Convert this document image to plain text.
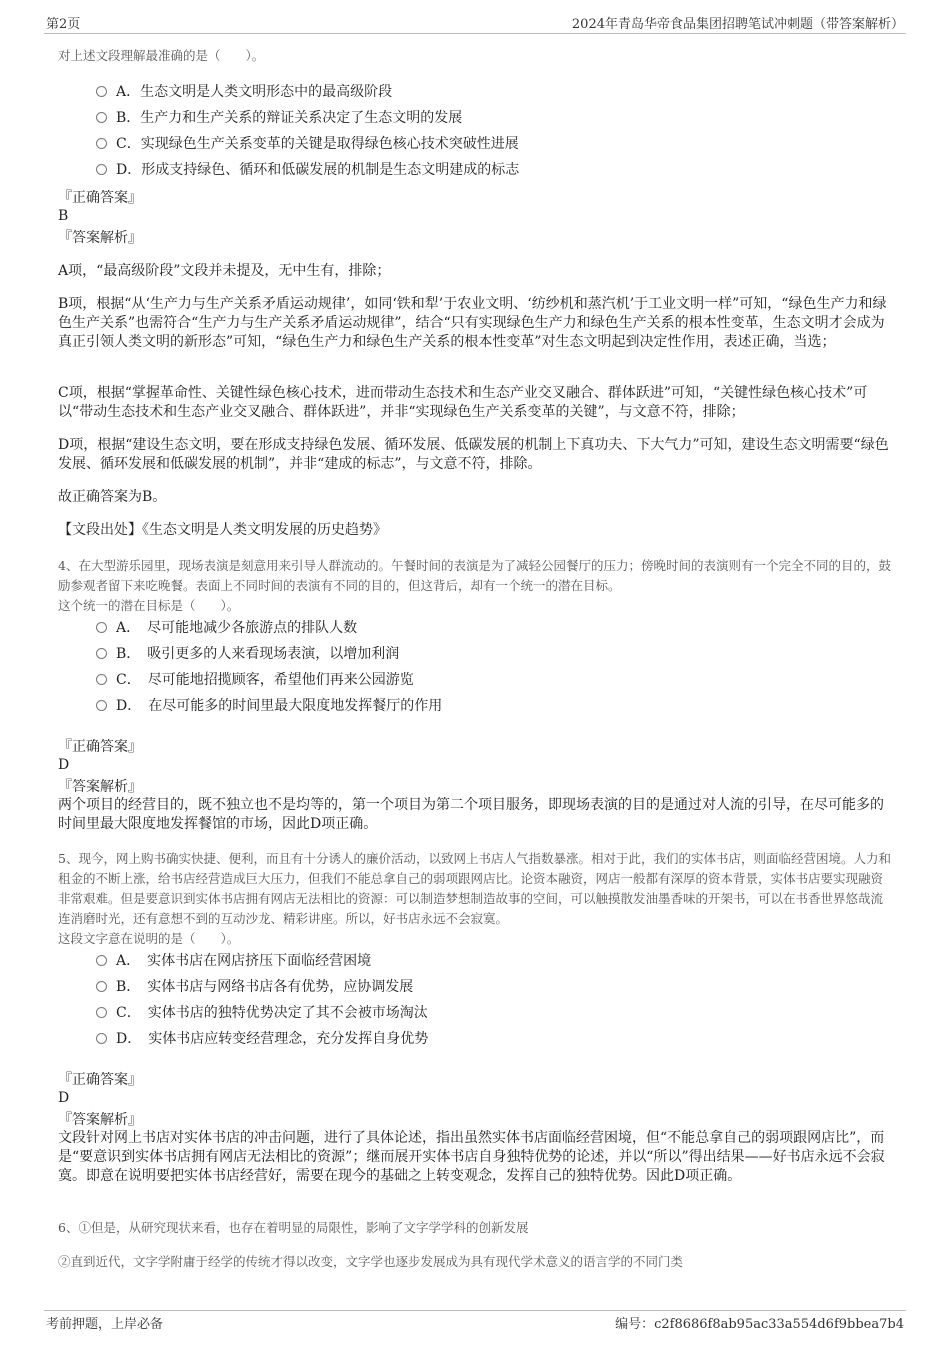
第2页	2024年青岛华帝食品集团招聘笔试冲刺题（带答案解析）
对上述文段理解最准确的是（　　）。
A．生态文明是人类文明形态中的最高级阶段
B．生产力和生产关系的辩证关系决定了生态文明的发展
C．实现绿色生产关系变革的关键是取得绿色核心技术突破性进展
D．形成支持绿色、循环和低碳发展的机制是生态文明建成的标志
『正确答案』
B
『答案解析』
A项，“最高级阶段”文段并未提及，无中生有，排除；
B项，根据“从‘生产力与生产关系矛盾运动规律’，如同‘铁和犁’于农业文明、‘纺纱机和蒸汽机’于工业文明一样”可知，“绿色生产力和绿色生产关系”也需符合“生产力与生产关系矛盾运动规律”，结合“只有实现绿色生产力和绿色生产关系的根本性变革，生态文明才会成为真正引领人类文明的新形态”可知，“绿色生产力和绿色生产关系的根本性变革”对生态文明起到决定性作用，表述正确，当选；
C项，根据“掌握革命性、关键性绿色核心技术，进而带动生态技术和生态产业交叉融合、群体跃进”可知，“关键性绿色核心技术”可以“带动生态技术和生态产业交叉融合、群体跃进”，并非“实现绿色生产关系变革的关键”，与文意不符，排除；
D项，根据“建设生态文明，要在形成支持绿色发展、循环发展、低碳发展的机制上下真功夫、下大气力”可知，建设生态文明需要“绿色发展、循环发展和低碳发展的机制”，并非“建成的标志”，与文意不符，排除。
故正确答案为B。
【文段出处】《生态文明是人类文明发展的历史趋势》
4、在大型游乐园里，现场表演是刻意用来引导人群流动的。午餐时间的表演是为了减轻公园餐厅的压力；傍晚时间的表演则有一个完全不同的目的，鼓励参观者留下来吃晚餐。表面上不同时间的表演有不同的目的，但这背后，却有一个统一的潜在目标。
这个统一的潜在目标是（　　）。
A．　尽可能地减少各旅游点的排队人数
B．　吸引更多的人来看现场表演，以增加利润
C．　尽可能地招揽顾客，希望他们再来公园游览
D．　在尽可能多的时间里最大限度地发挥餐厅的作用
『正确答案』
D
『答案解析』
两个项目的经营目的，既不独立也不是均等的，第一个项目为第二个项目服务，即现场表演的目的是通过对人流的引导，在尽可能多的时间里最大限度地发挥餐馆的市场，因此D项正确。
5、现今，网上购书确实快捷、便利，而且有十分诱人的廉价活动，以致网上书店人气指数暴涨。相对于此，我们的实体书店，则面临经营困境。人力和租金的不断上涨，给书店经营造成巨大压力，但我们不能总拿自己的弱项跟网店比。论资本融资，网店一般都有深厚的资本背景，实体书店要实现融资非常艰难。但是要意识到实体书店拥有网店无法相比的资源：可以制造梦想制造故事的空间，可以触摸散发油墨香味的开架书，可以在书香世界悠哉流连消磨时光，还有意想不到的互动沙龙、精彩讲座。所以，好书店永远不会寂寞。
这段文字意在说明的是（　　）。
A．　实体书店在网店挤压下面临经营困境
B．　实体书店与网络书店各有优势，应协调发展
C．　实体书店的独特优势决定了其不会被市场淘汰
D．　实体书店应转变经营理念，充分发挥自身优势
『正确答案』
D
『答案解析』
文段针对网上书店对实体书店的冲击问题，进行了具体论述，指出虽然实体书店面临经营困境，但“不能总拿自己的弱项跟网店比”，而是“要意识到实体书店拥有网店无法相比的资源”；继而展开实体书店自身独特优势的论述，并以“所以”得出结果——好书店永远不会寂寞。即意在说明要把实体书店经营好，需要在现今的基础之上转变观念，发挥自己的独特优势。因此D项正确。
6、①但是，从研究现状来看，也存在着明显的局限性，影响了文字学学科的创新发展
②直到近代，文字学附庸于经学的传统才得以改变，文字学也逐步发展成为具有现代学术意义的语言学的不同门类
考前押题，上岸必备	编号：c2f8686f8ab95ac33a554d6f9bbea7b4
